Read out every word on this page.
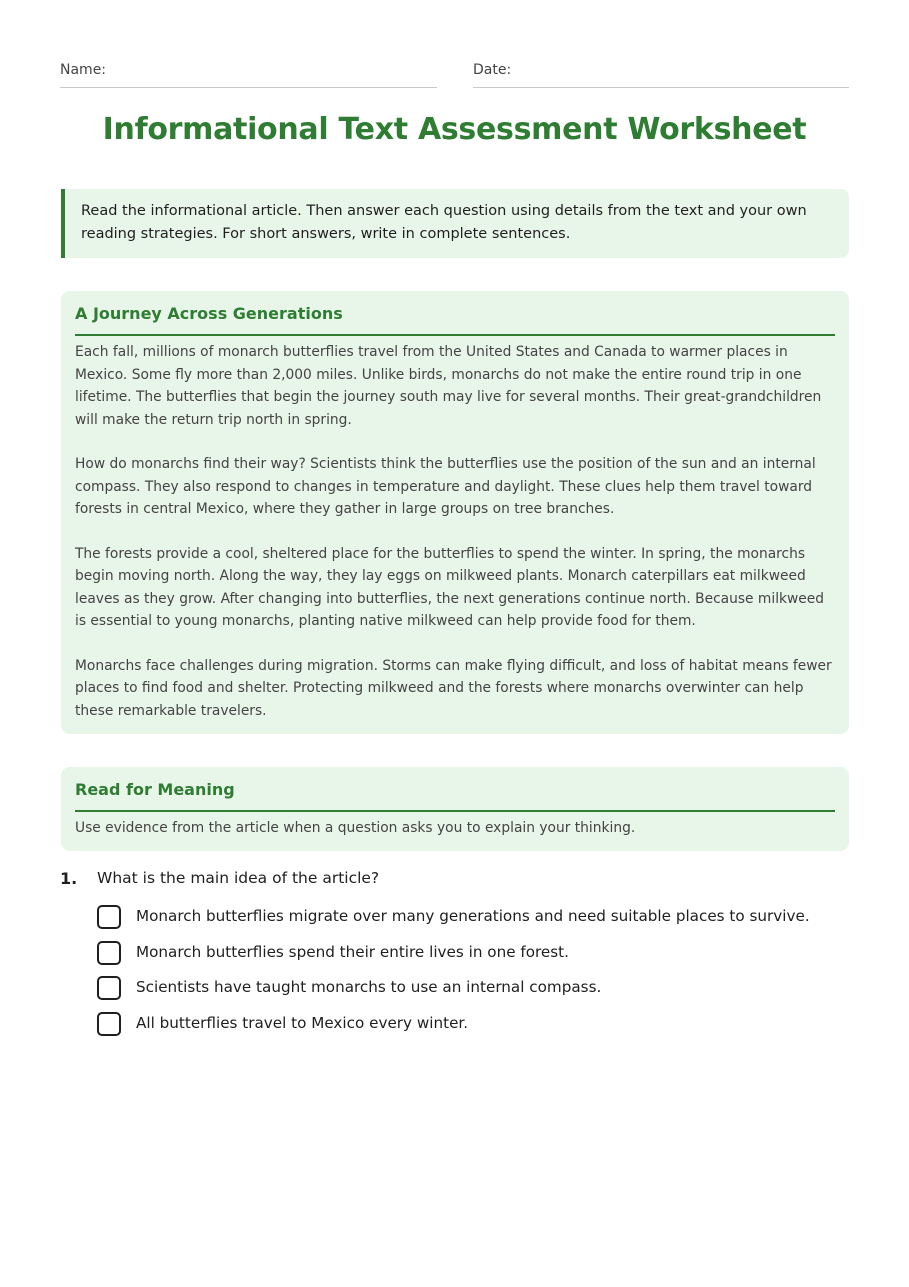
Name:	Date:
Informational Text Assessment Worksheet
Read the informational article. Then answer each question using details from the text and your own reading strategies. For short answers, write in complete sentences.
A Journey Across Generations

Each fall, millions of monarch butterflies travel from the United States and Canada to warmer places in Mexico. Some fly more than 2,000 miles. Unlike birds, monarchs do not make the entire round trip in one lifetime. The butterflies that begin the journey south may live for several months. Their great-grandchildren will make the return trip north in spring.

How do monarchs find their way? Scientists think the butterflies use the position of the sun and an internal compass. They also respond to changes in temperature and daylight. These clues help them travel toward forests in central Mexico, where they gather in large groups on tree branches.

The forests provide a cool, sheltered place for the butterflies to spend the winter. In spring, the monarchs begin moving north. Along the way, they lay eggs on milkweed plants. Monarch caterpillars eat milkweed leaves as they grow. After changing into butterflies, the next generations continue north. Because milkweed is essential to young monarchs, planting native milkweed can help provide food for them.

Monarchs face challenges during migration. Storms can make flying difficult, and loss of habitat means fewer places to find food and shelter. Protecting milkweed and the forests where monarchs overwinter can help these remarkable travelers.

Read for Meaning
Use evidence from the article when a question asks you to explain your thinking.
1. What is the main idea of the article?
Monarch butterflies migrate over many generations and need suitable places to survive.
Monarch butterflies spend their entire lives in one forest.
Scientists have taught monarchs to use an internal compass.
All butterflies travel to Mexico every winter.
